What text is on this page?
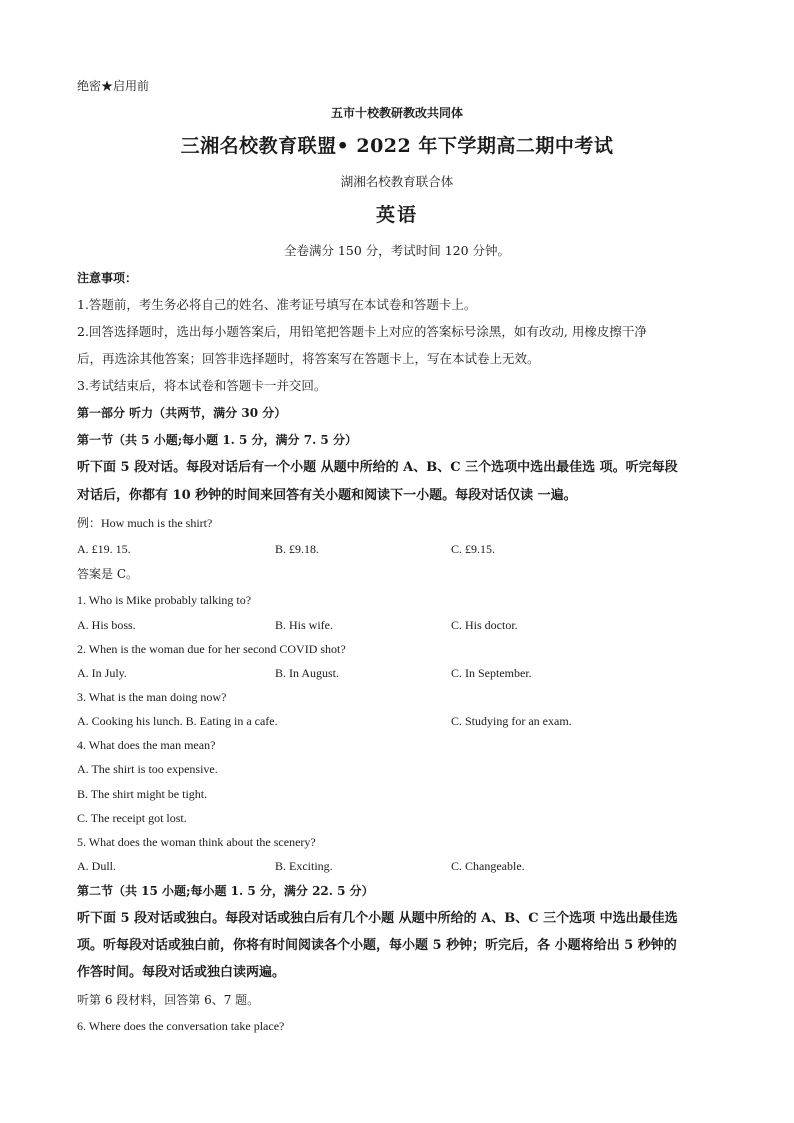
绝密★启用前
五市十校教研教改共同体
三湘名校教育联盟• 2022 年下学期高二期中考试
湖湘名校教育联合体
英语
全卷满分 150 分，考试时间 120 分钟。
注意事项：
1.答题前，考生务必将自己的姓名、准考证号填写在本试卷和答题卡上。
2.回答选择题时，选出每小题答案后，用铅笔把答题卡上对应的答案标号涂黑，如有改动, 用橡皮擦干净
后，再选涂其他答案；回答非选择题时，将答案写在答题卡上，写在本试卷上无效。
3.考试结束后，将本试卷和答题卡一并交回。
第一部分 听力（共两节，满分 30 分）
第一节（共 5 小题;每小题 1. 5 分，满分 7. 5 分）
听下面 5 段对话。每段对话后有一个小题 从题中所给的 A、B、C 三个选项中选出最佳选 项。听完每段
对话后，你都有 10 秒钟的时间来回答有关小题和阅读下一小题。每段对话仅读 一遍。
例：How much is the shirt?
A. £19. 15.	B. £9.18.	C. £9.15.
答案是 C。
1. Who is Mike probably talking to?
A. His boss.	B. His wife.	C. His doctor.
2. When is the woman due for her second COVID shot?
A. In July.	B. In August.	C. In September.
3. What is the man doing now?
A. Cooking his lunch. B. Eating in a cafe.	C. Studying for an exam.
4. What does the man mean?
A. The shirt is too expensive.
B. The shirt might be tight.
C. The receipt got lost.
5. What does the woman think about the scenery?
A. Dull.	B. Exciting.	C. Changeable.
第二节（共 15 小题;每小题 1. 5 分，满分 22. 5 分）
听下面 5 段对话或独白。每段对话或独白后有几个小题 从题中所给的 A、B、C 三个选项 中选出最佳选
项。听每段对话或独白前，你将有时间阅读各个小题，每小题 5 秒钟；听完后，各 小题将给出 5 秒钟的
作答时间。每段对话或独白读两遍。
听第 6 段材料，回答第 6、7 题。
6. Where does the conversation take place?
